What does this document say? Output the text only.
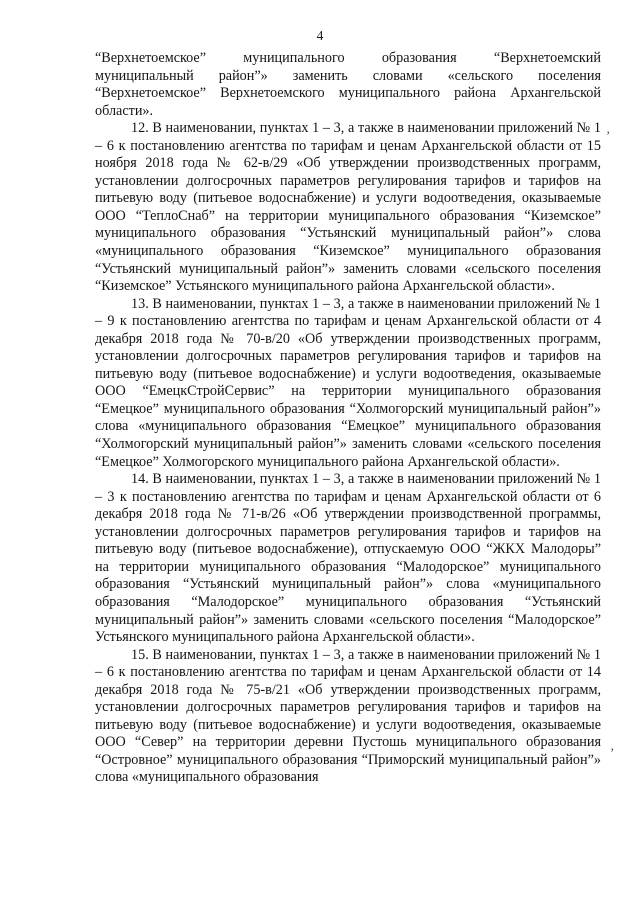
4

“Верхнетоемское” муниципального образования “Верхнетоемский муниципальный район”» заменить словами «сельского поселения “Верхнетоемское” Верхнетоемского муниципального района Архангельской области».

12. В наименовании, пунктах 1 – 3, а также в наименовании приложений № 1 – 6 к постановлению агентства по тарифам и ценам Архангельской области от 15 ноября 2018 года № 62-в/29 «Об утверждении производственных программ, установлении долгосрочных параметров регулирования тарифов и тарифов на питьевую воду (питьевое водоснабжение) и услуги водоотведения, оказываемые ООО “ТеплоСнаб” на территории муниципального образования “Киземское” муниципального образования “Устьянский муниципальный район”» слова «муниципального образования “Киземское” муниципального образования “Устьянский муниципальный район”» заменить словами «сельского поселения “Киземское” Устьянского муниципального района Архангельской области».

13. В наименовании, пунктах 1 – 3, а также в наименовании приложений № 1 – 9 к постановлению агентства по тарифам и ценам Архангельской области от 4 декабря 2018 года № 70-в/20 «Об утверждении производственных программ, установлении долгосрочных параметров регулирования тарифов и тарифов на питьевую воду (питьевое водоснабжение) и услуги водоотведения, оказываемые ООО “ЕмецкСтройСервис” на территории муниципального образования “Емецкое” муниципального образования “Холмогорский муниципальный район”» слова «муниципального образования “Емецкое” муниципального образования “Холмогорский муниципальный район”» заменить словами «сельского поселения “Емецкое” Холмогорского муниципального района Архангельской области».

14. В наименовании, пунктах 1 – 3, а также в наименовании приложений № 1 – 3 к постановлению агентства по тарифам и ценам Архангельской области от 6 декабря 2018 года № 71-в/26 «Об утверждении производственной программы, установлении долгосрочных параметров регулирования тарифов и тарифов на питьевую воду (питьевое водоснабжение), отпускаемую ООО “ЖКХ Малодоры” на территории муниципального образования “Малодорское” муниципального образования “Устьянский муниципальный район”» слова «муниципального образования “Малодорское” муниципального образования “Устьянский муниципальный район”» заменить словами «сельского поселения “Малодорское” Устьянского муниципального района Архангельской области».

15. В наименовании, пунктах 1 – 3, а также в наименовании приложений № 1 – 6 к постановлению агентства по тарифам и ценам Архангельской области от 14 декабря 2018 года № 75-в/21 «Об утверждении производственных программ, установлении долгосрочных параметров регулирования тарифов и тарифов на питьевую воду (питьевое водоснабжение) и услуги водоотведения, оказываемые ООО “Север” на территории деревни Пустошь муниципального образования “Островное” муниципального образования “Приморский муниципальный район”» слова «муниципального образования

’
’
